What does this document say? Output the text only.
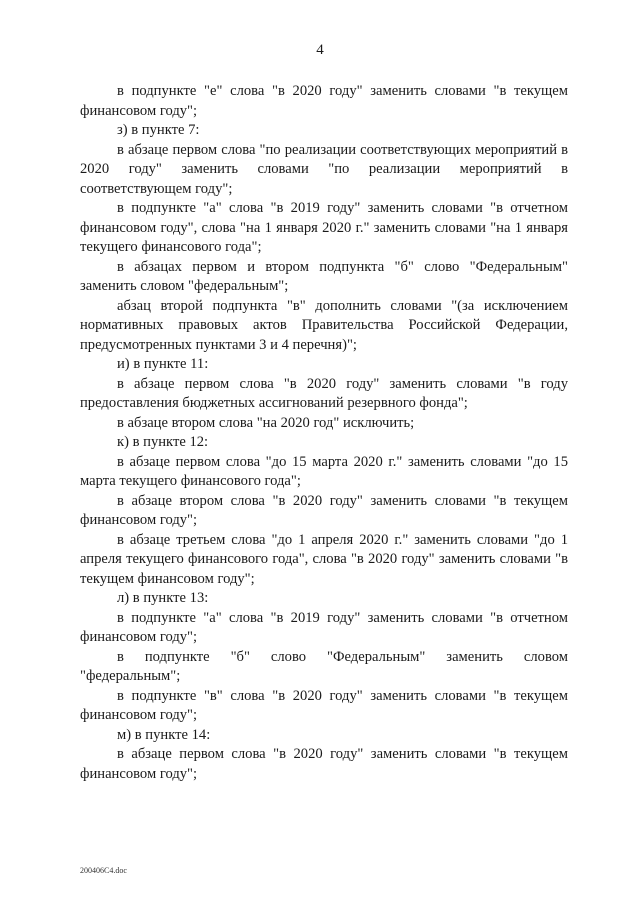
4

в подпункте "е" слова "в 2020 году" заменить словами "в текущем финансовом году";

з) в пункте 7:

в абзаце первом слова "по реализации соответствующих мероприятий в 2020 году" заменить словами "по реализации мероприятий в соответствующем году";

в подпункте "а" слова "в 2019 году" заменить словами "в отчетном финансовом году", слова "на 1 января 2020 г." заменить словами "на 1 января текущего финансового года";

в абзацах первом и втором подпункта "б" слово "Федеральным" заменить словом "федеральным";

абзац второй подпункта "в" дополнить словами "(за исключением нормативных правовых актов Правительства Российской Федерации, предусмотренных пунктами 3 и 4 перечня)";

и) в пункте 11:

в абзаце первом слова "в 2020 году" заменить словами "в году предоставления бюджетных ассигнований резервного фонда";

в абзаце втором слова "на 2020 год" исключить;

к) в пункте 12:

в абзаце первом слова "до 15 марта 2020 г." заменить словами "до 15 марта текущего финансового года";

в абзаце втором слова "в 2020 году" заменить словами "в текущем финансовом году";

в абзаце третьем слова "до 1 апреля 2020 г." заменить словами "до 1 апреля текущего финансового года", слова "в 2020 году" заменить словами "в текущем финансовом году";

л) в пункте 13:

в подпункте "а" слова "в 2019 году" заменить словами "в отчетном финансовом году";

в подпункте "б" слово "Федеральным" заменить словом "федеральным";

в подпункте "в" слова "в 2020 году" заменить словами "в текущем финансовом году";

м) в пункте 14:

в абзаце первом слова "в 2020 году" заменить словами "в текущем финансовом году";

200406С4.doc
